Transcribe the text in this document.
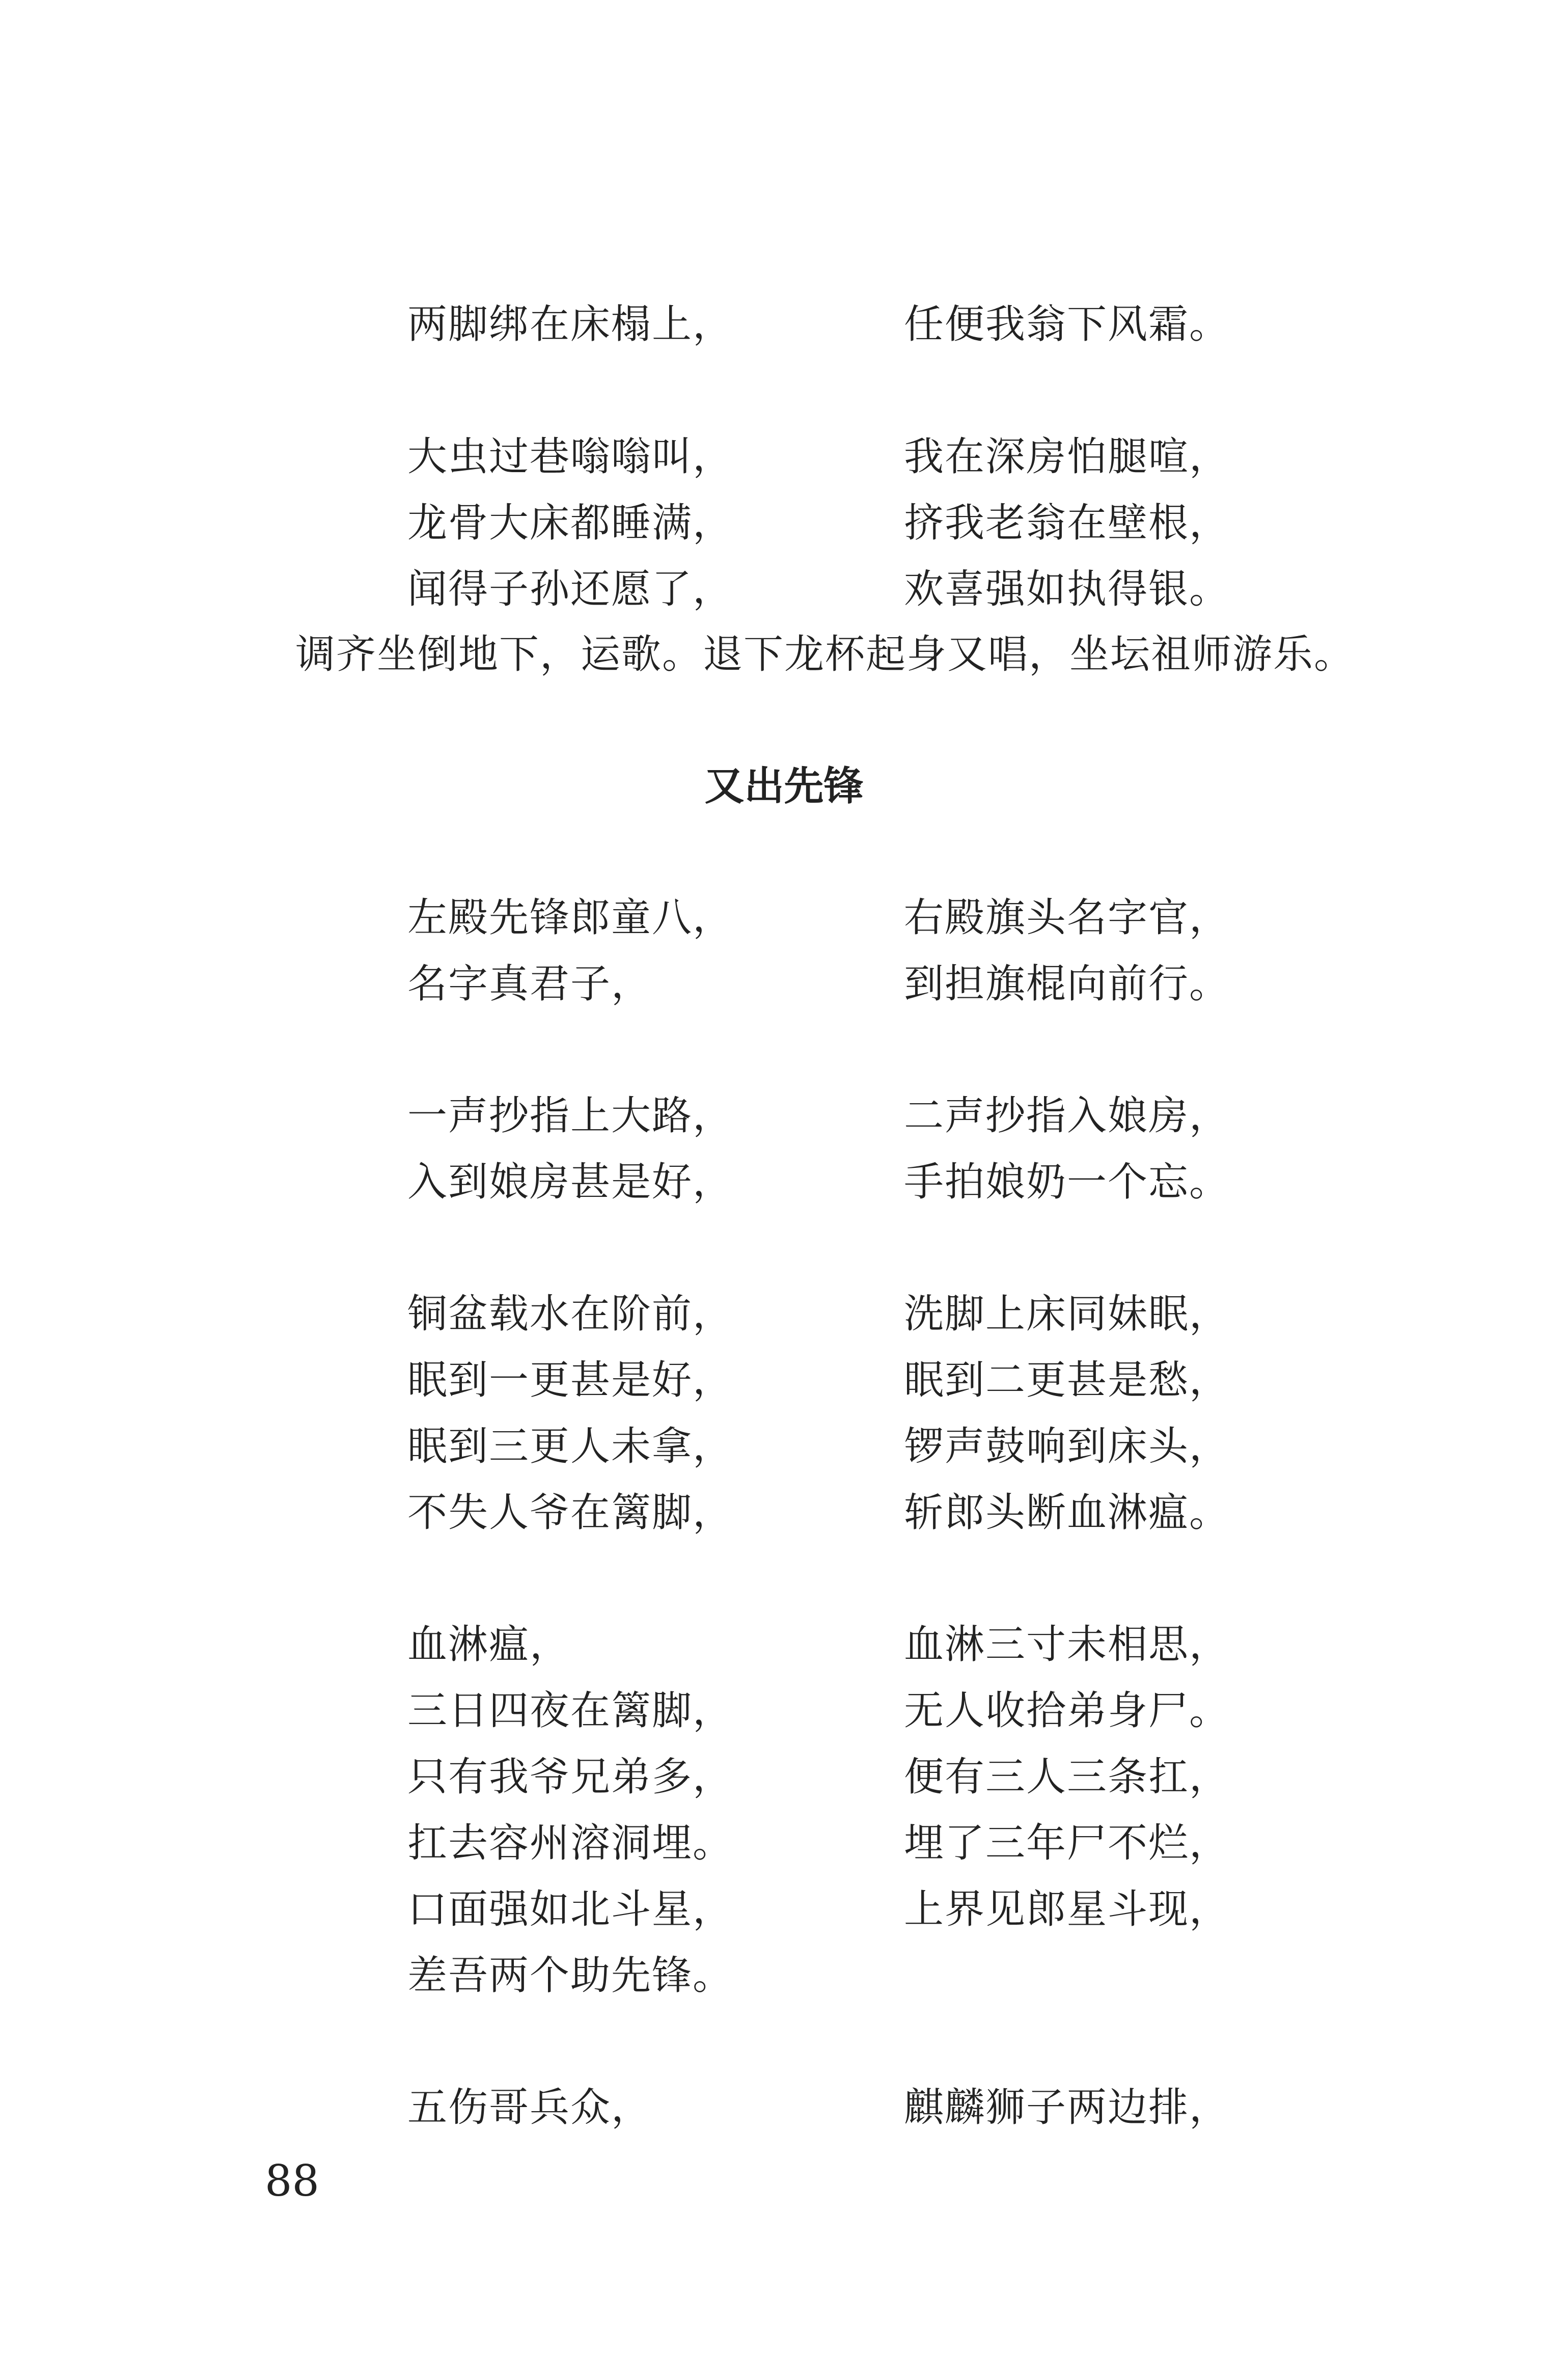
两脚绑在床榻上，	任便我翁下风霜。
大虫过巷嗡嗡叫，	我在深房怕腿喧，
龙骨大床都睡满，	挤我老翁在壁根，
闻得子孙还愿了，	欢喜强如执得银。
调齐坐倒地下，运歌。退下龙杯起身又唱，坐坛祖师游乐。
又出先锋
左殿先锋郎童八，	右殿旗头名字官，
名字真君子，	到担旗棍向前行。
一声抄指上大路，	二声抄指入娘房，
入到娘房甚是好，	手拍娘奶一个忘。
铜盆载水在阶前，	洗脚上床同妹眠，
眠到一更甚是好，	眠到二更甚是愁，
眠到三更人未拿，	锣声鼓响到床头，
不失人爷在篱脚，	斩郎头断血淋瘟。
血淋瘟，	血淋三寸未相思，
三日四夜在篱脚，	无人收拾弟身尸。
只有我爷兄弟多，	便有三人三条扛，
扛去容州溶洞埋。	埋了三年尸不烂，
口面强如北斗星，	上界见郎星斗现，
差吾两个助先锋。
五伤哥兵众，	麒麟狮子两边排，
88
